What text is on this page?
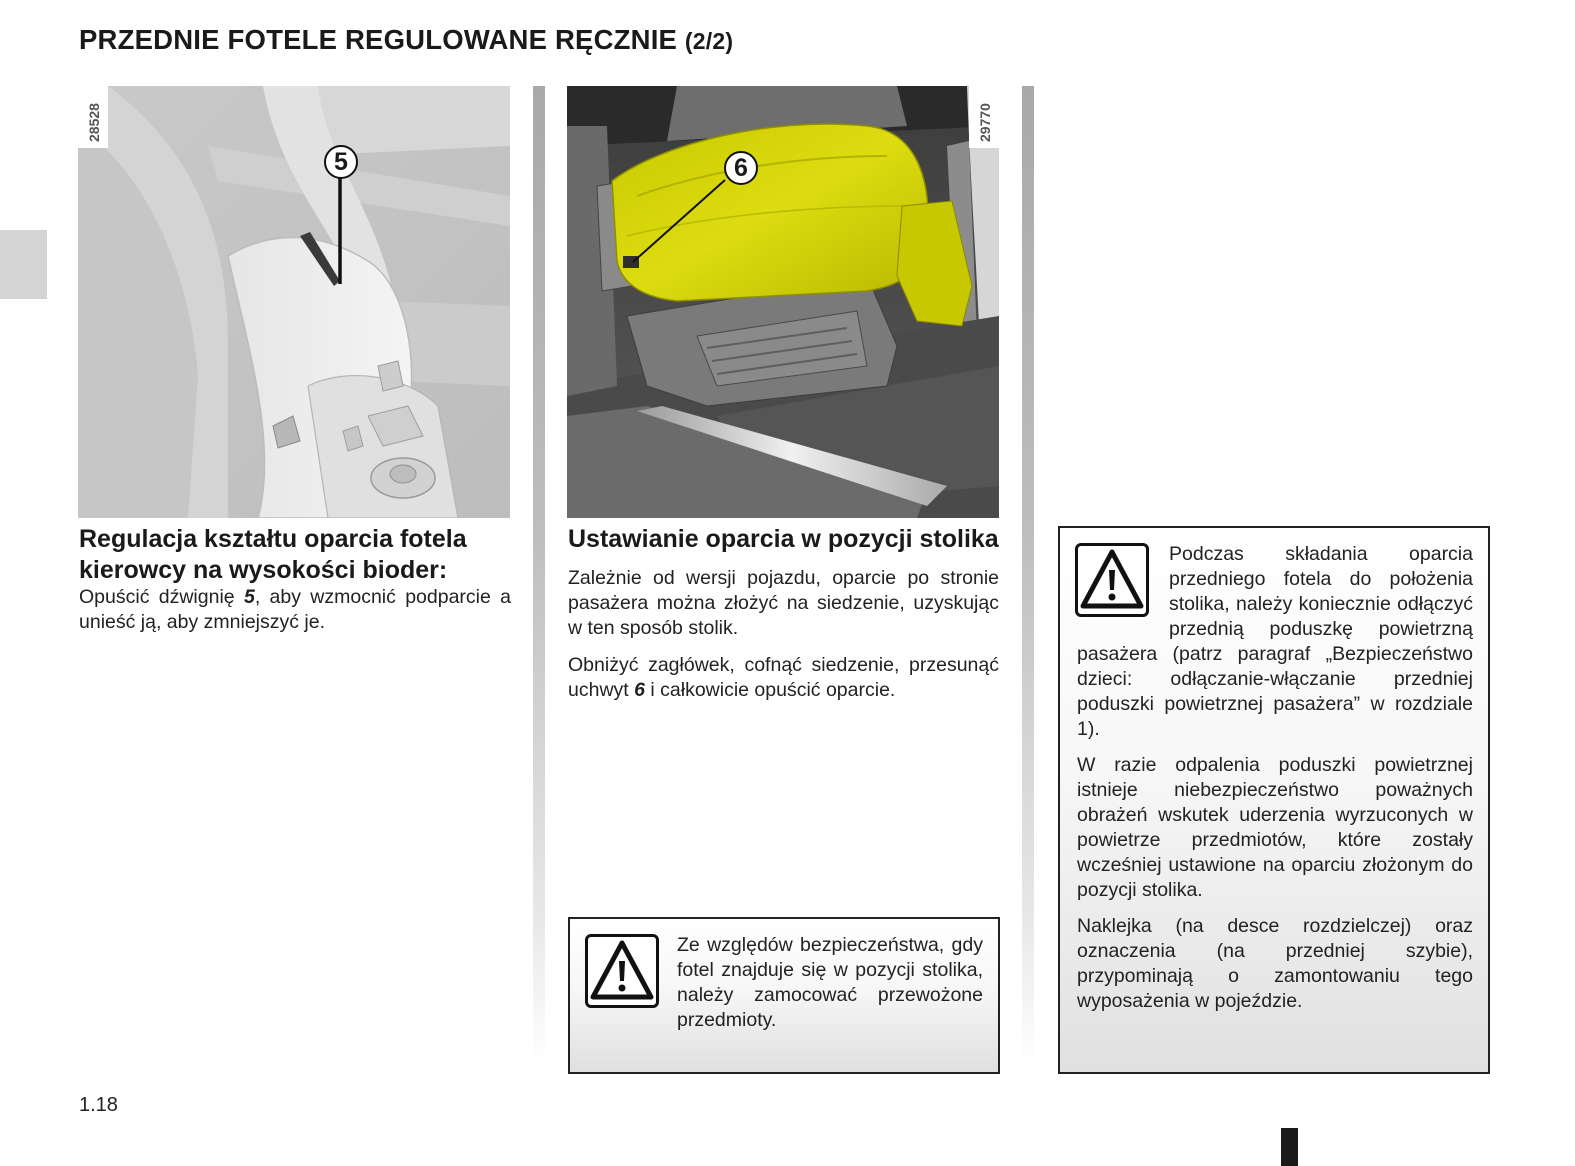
PRZEDNIE FOTELE REGULOWANE RĘCZNIE (2/2)
28528
5
29770
6
Regulacja kształtu oparcia fotela kierowcy na wysokości bioder:

Opuścić dźwignię 5, aby wzmocnić podparcie a unieść ją, aby zmniejszyć je.

Ustawianie oparcia w pozycji stolika

Zależnie od wersji pojazdu, oparcie po stronie pasażera można złożyć na siedzenie, uzyskując w ten sposób stolik.

Obniżyć zagłówek, cofnąć siedzenie, przesunąć uchwyt 6 i całkowicie opuścić oparcie.

Ze względów bezpieczeństwa, gdy fotel znajduje się w pozycji stolika, należy zamocować przewożone przedmioty.

Podczas składania oparcia przedniego fotela do położenia stolika, należy koniecznie odłączyć przednią poduszkę powietrzną pasażera (patrz paragraf „Bezpieczeństwo dzieci: odłączanie-włączanie przedniej poduszki powietrznej pasażera” w rozdziale 1).

W razie odpalenia poduszki powietrznej istnieje niebezpieczeństwo poważnych obrażeń wskutek uderzenia wyrzuconych w powietrze przedmiotów, które zostały wcześniej ustawione na oparciu złożonym do pozycji stolika.

Naklejka (na desce rozdzielczej) oraz oznaczenia (na przedniej szybie), przypominają o zamontowaniu tego wyposażenia w pojeździe.

1.18
